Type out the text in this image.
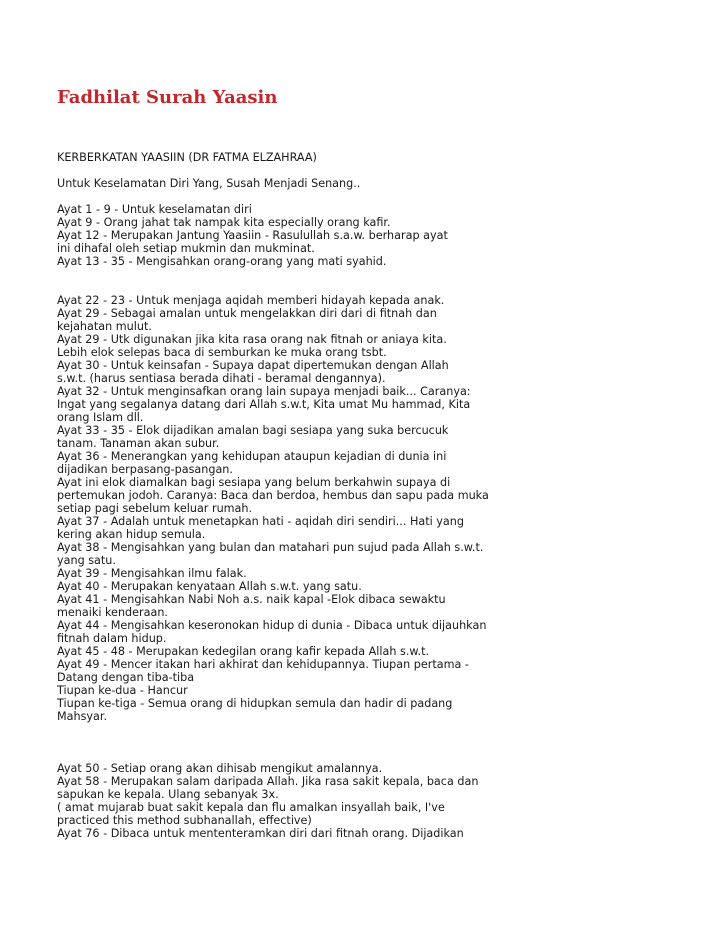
Fadhilat Surah Yaasin
KERBERKATAN YAASIIN (DR FATMA ELZAHRAA)
Untuk Keselamatan Diri Yang, Susah Menjadi Senang..
Ayat 1 - 9 - Untuk keselamatan diri
Ayat 9 - Orang jahat tak nampak kita especially orang kafir.
Ayat 12 - Merupakan Jantung Yaasiin - Rasulullah s.a.w. berharap ayat
ini dihafal oleh setiap mukmin dan mukminat.
Ayat 13 - 35 - Mengisahkan orang-orang yang mati syahid.
Ayat 22 - 23 - Untuk menjaga aqidah memberi hidayah kepada anak.
Ayat 29 - Sebagai amalan untuk mengelakkan diri dari di fitnah dan
kejahatan mulut.
Ayat 29 - Utk digunakan jika kita rasa orang nak fitnah or aniaya kita.
Lebih elok selepas baca di semburkan ke muka orang tsbt.
Ayat 30 - Untuk keinsafan - Supaya dapat dipertemukan dengan Allah
s.w.t. (harus sentiasa berada dihati - beramal dengannya).
Ayat 32 - Untuk menginsafkan orang lain supaya menjadi baik... Caranya:
Ingat yang segalanya datang dari Allah s.w.t, Kita umat Mu hammad, Kita
orang Islam dll.
Ayat 33 - 35 - Elok dijadikan amalan bagi sesiapa yang suka bercucuk
tanam. Tanaman akan subur.
Ayat 36 - Menerangkan yang kehidupan ataupun kejadian di dunia ini
dijadikan berpasang-pasangan.
Ayat ini elok diamalkan bagi sesiapa yang belum berkahwin supaya di
pertemukan jodoh. Caranya: Baca dan berdoa, hembus dan sapu pada muka
setiap pagi sebelum keluar rumah.
Ayat 37 - Adalah untuk menetapkan hati - aqidah diri sendiri... Hati yang
kering akan hidup semula.
Ayat 38 - Mengisahkan yang bulan dan matahari pun sujud pada Allah s.w.t.
yang satu.
Ayat 39 - Mengisahkan ilmu falak.
Ayat 40 - Merupakan kenyataan Allah s.w.t. yang satu.
Ayat 41 - Mengisahkan Nabi Noh a.s. naik kapal -Elok dibaca sewaktu
menaiki kenderaan.
Ayat 44 - Mengisahkan keseronokan hidup di dunia - Dibaca untuk dijauhkan
fitnah dalam hidup.
Ayat 45 - 48 - Merupakan kedegilan orang kafir kepada Allah s.w.t.
Ayat 49 - Mencer itakan hari akhirat dan kehidupannya. Tiupan pertama -
Datang dengan tiba-tiba
Tiupan ke-dua - Hancur
Tiupan ke-tiga - Semua orang di hidupkan semula dan hadir di padang
Mahsyar.
Ayat 50 - Setiap orang akan dihisab mengikut amalannya.
Ayat 58 - Merupakan salam daripada Allah. Jika rasa sakit kepala, baca dan
sapukan ke kepala. Ulang sebanyak 3x.
( amat mujarab buat sakit kepala dan flu amalkan insyallah baik, I've
practiced this method subhanallah, effective)
Ayat 76 - Dibaca untuk mententeramkan diri dari fitnah orang. Dijadikan
